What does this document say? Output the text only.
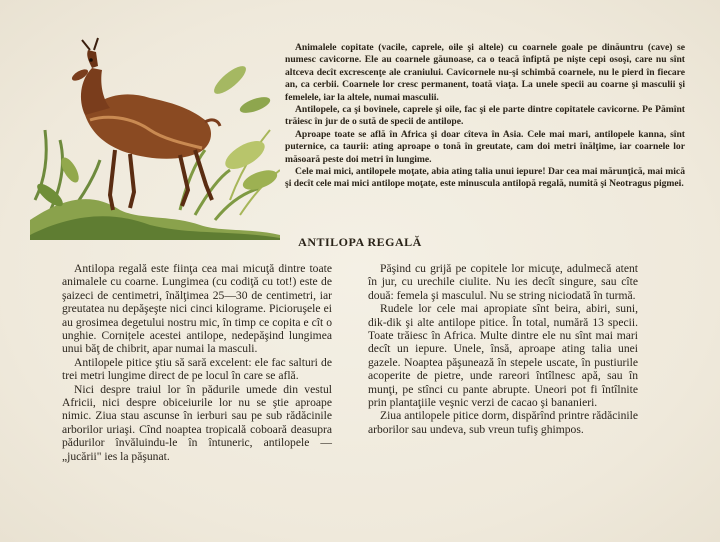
Animalele copitate (vacile, caprele, oile şi altele) cu coarnele goale pe dinăuntru (cave) se numesc cavicorne. Ele au coarnele găunoase, ca o teacă înfiptă pe nişte cepi osoşi, care nu sînt altceva decît excrescenţe ale craniului. Cavicornele nu-şi schimbă coarnele, nu le pierd în fiecare an, ca cerbii. Coarnele lor cresc permanent, toată viaţa. La unele specii au coarne şi masculii şi femelele, iar la altele, numai masculii.

Antilopele, ca şi bovinele, caprele şi oile, fac şi ele parte dintre copitatele cavicorne. Pe Pămînt trăiesc în jur de o sută de specii de antilope.

Aproape toate se află în Africa şi doar cîteva în Asia. Cele mai mari, antilopele kanna, sînt puternice, ca taurii: ating aproape o tonă în greutate, cam doi metri înălţime, iar coarnele lor măsoară peste doi metri în lungime.

Cele mai mici, antilopele moţate, abia ating talia unui iepure! Dar cea mai mărunţică, mai mică şi decît cele mai mici antilope moţate, este minuscula antilopă regală, numită şi Neotragus pigmei.

ANTILOPA REGALĂ

Antilopa regală este fiinţa cea mai micuţă dintre toate animalele cu coarne. Lungimea (cu codiţă cu tot!) este de şaizeci de centimetri, înălţimea 25—30 de centimetri, iar greutatea nu depăşeşte nici cinci kilograme. Picioruşele ei au grosimea degetului nostru mic, în timp ce copita e cît o unghie. Cornițele acestei antilope, nedepăşind lungimea unui băţ de chibrit, apar numai la masculi.

Antilopele pitice ştiu să sară excelent: ele fac salturi de trei metri lungime direct de pe locul în care se află.

Nici despre traiul lor în pădurile umede din vestul Africii, nici despre obiceiurile lor nu se ştie aproape nimic. Ziua stau ascunse în ierburi sau pe sub rădăcinile arborilor uriaşi. Cînd noaptea tropicală coboară deasupra pădurilor învăluindu-le în întuneric, antilopele — „jucării" ies la păşunat.

Păşind cu grijă pe copitele lor micuţe, adulmecă atent în jur, cu urechile ciulite. Nu ies decît singure, sau cîte două: femela şi masculul. Nu se string niciodată în turmă.

Rudele lor cele mai apropiate sînt beira, abiri, suni, dik-dik şi alte antilope pitice. În total, numără 13 specii. Toate trăiesc în Africa. Multe dintre ele nu sînt mai mari decît un iepure. Unele, însă, aproape ating talia unei gazele. Noaptea păşunează în stepele uscate, în pustiurile acoperite de pietre, unde rareori întîlnesc apă, sau în munţi, pe stînci cu pante abrupte. Uneori pot fi întîlnite prin plantaţiile veşnic verzi de cacao şi bananieri.

Ziua antilopele pitice dorm, dispărînd printre rădăcinile arborilor sau undeva, sub vreun tufiş ghimpos.
